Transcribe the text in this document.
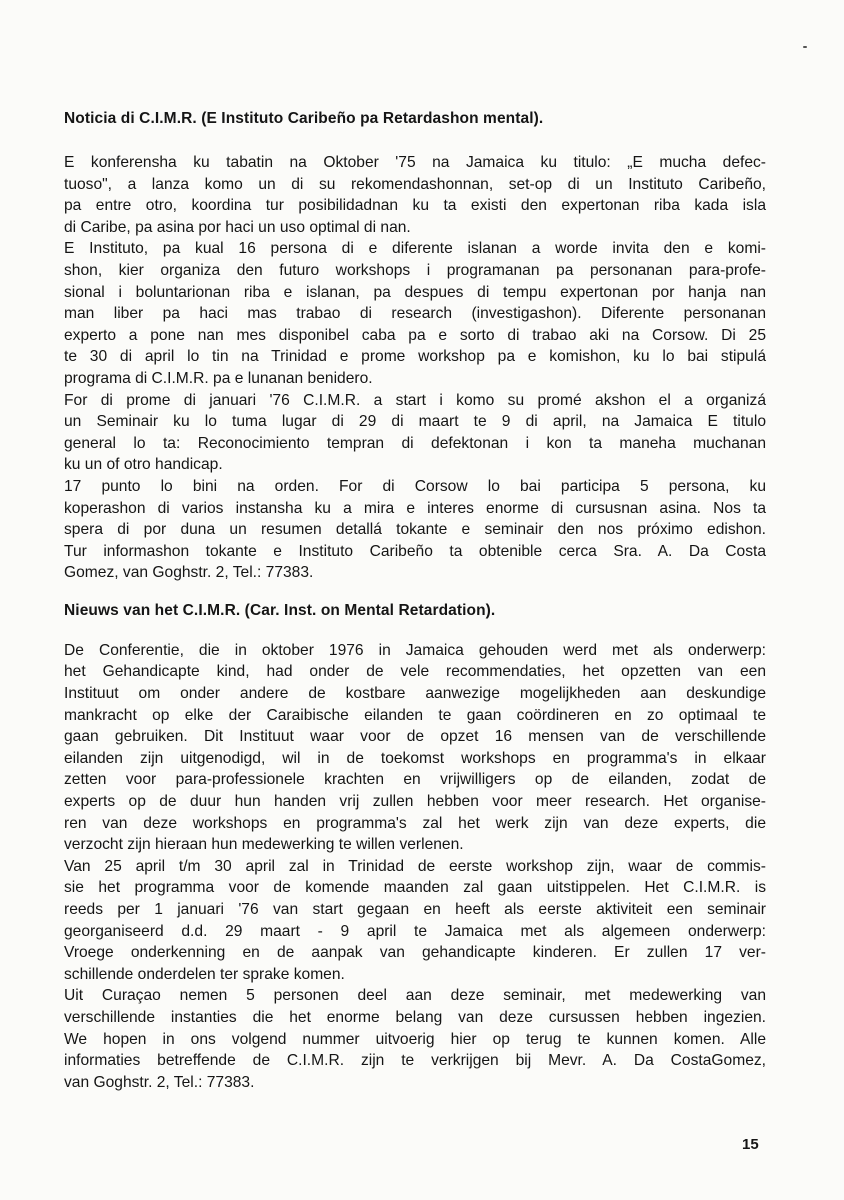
Noticia di C.I.M.R. (E Instituto Caribeño pa Retardashon mental).
E konferensha ku tabatin na Oktober '75 na Jamaica ku titulo: „E mucha defec-
tuoso", a lanza komo un di su rekomendashonnan, set-op di un Instituto Caribeño,
pa entre otro, koordina tur posibilidadnan ku ta existi den expertonan riba kada isla
di Caribe, pa asina por haci un uso optimal di nan.
E Instituto, pa kual 16 persona di e diferente islanan a worde invita den e komi-
shon, kier organiza den futuro workshops i programanan pa personanan para-profe-
sional i boluntarionan riba e islanan, pa despues di tempu expertonan por hanja nan
man liber pa haci mas trabao di research (investigashon). Diferente personanan
experto a pone nan mes disponibel caba pa e sorto di trabao aki na Corsow. Di 25
te 30 di april lo tin na Trinidad e prome workshop pa e komishon, ku lo bai stipulá
programa di C.I.M.R. pa e lunanan benidero.
For di prome di januari '76 C.I.M.R. a start i komo su promé akshon el a organizá
un Seminair ku lo tuma lugar di 29 di maart te 9 di april, na Jamaica E titulo
general lo ta: Reconocimiento tempran di defektonan i kon ta maneha muchanan
ku un of otro handicap.
17 punto lo bini na orden. For di Corsow lo bai participa 5 persona, ku
koperashon di varios instansha ku a mira e interes enorme di cursusnan asina. Nos ta
spera di por duna un resumen detallá tokante e seminair den nos próximo edishon.
Tur informashon tokante e Instituto Caribeño ta obtenible cerca Sra. A. Da Costa
Gomez, van Goghstr. 2, Tel.: 77383.
Nieuws van het C.I.M.R. (Car. Inst. on Mental Retardation).
De Conferentie, die in oktober 1976 in Jamaica gehouden werd met als onderwerp:
het Gehandicapte kind, had onder de vele recommendaties, het opzetten van een
Instituut om onder andere de kostbare aanwezige mogelijkheden aan deskundige
mankracht op elke der Caraibische eilanden te gaan coördineren en zo optimaal te
gaan gebruiken. Dit Instituut waar voor de opzet 16 mensen van de verschillende
eilanden zijn uitgenodigd, wil in de toekomst workshops en programma's in elkaar
zetten voor para-professionele krachten en vrijwilligers op de eilanden, zodat de
experts op de duur hun handen vrij zullen hebben voor meer research. Het organise-
ren van deze workshops en programma's zal het werk zijn van deze experts, die
verzocht zijn hieraan hun medewerking te willen verlenen.
Van 25 april t/m 30 april zal in Trinidad de eerste workshop zijn, waar de commis-
sie het programma voor de komende maanden zal gaan uitstippelen. Het C.I.M.R. is
reeds per 1 januari '76 van start gegaan en heeft als eerste aktiviteit een seminair
georganiseerd d.d. 29 maart - 9 april te Jamaica met als algemeen onderwerp:
Vroege onderkenning en de aanpak van gehandicapte kinderen. Er zullen 17 ver-
schillende onderdelen ter sprake komen.
Uit Curaçao nemen 5 personen deel aan deze seminair, met medewerking van
verschillende instanties die het enorme belang van deze cursussen hebben ingezien.
We hopen in ons volgend nummer uitvoerig hier op terug te kunnen komen. Alle
informaties betreffende de C.I.M.R. zijn te verkrijgen bij Mevr. A. Da CostaGomez,
van Goghstr. 2, Tel.: 77383.
15
